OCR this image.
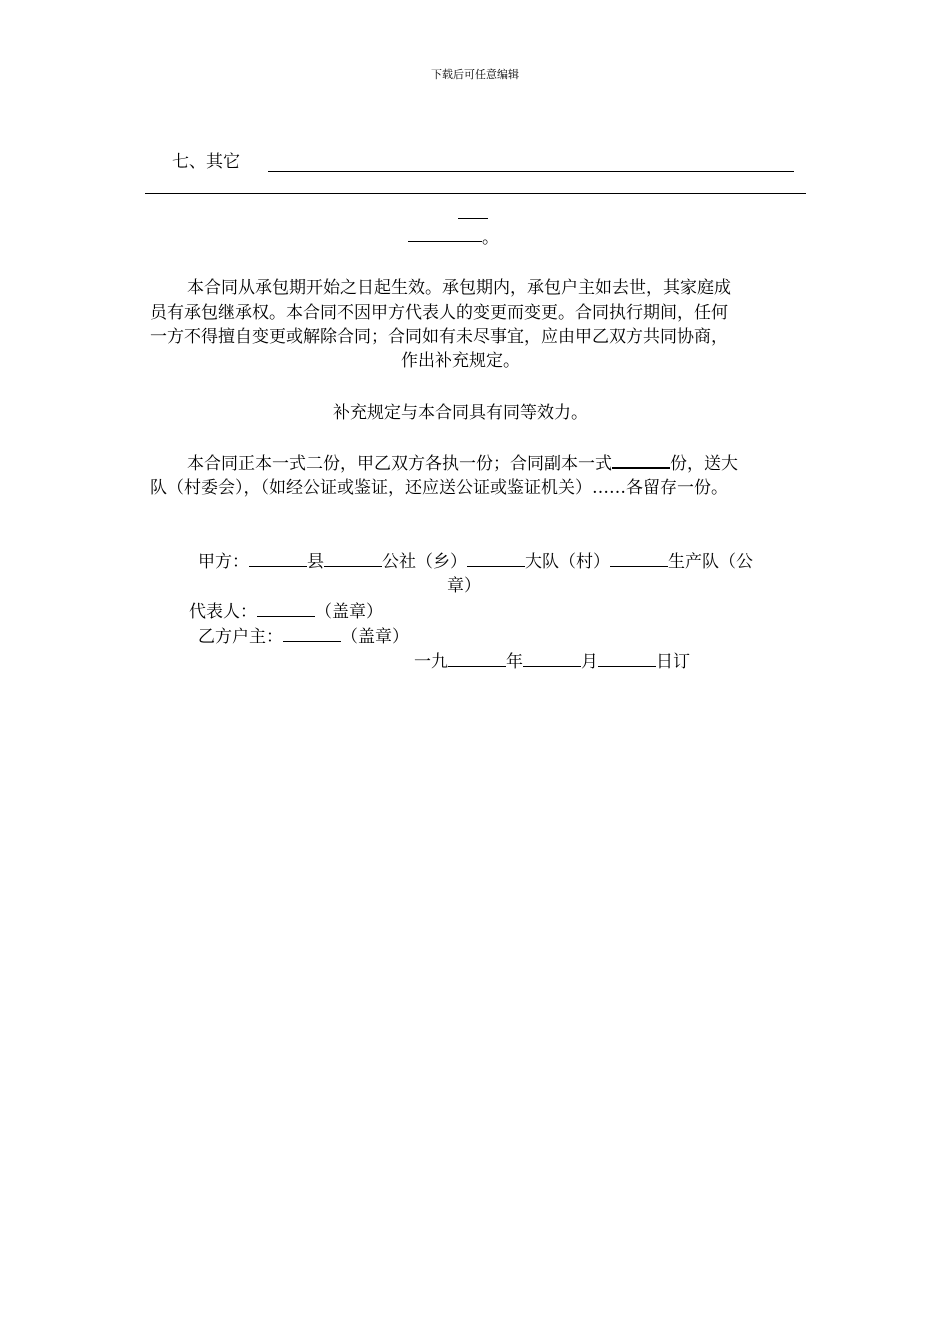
下载后可任意编辑
七、其它
。
本合同从承包期开始之日起生效。承包期内，承包户主如去世，其家庭成
员有承包继承权。本合同不因甲方代表人的变更而变更。合同执行期间，任何
一方不得擅自变更或解除合同；合同如有未尽事宜，应由甲乙双方共同协商，
作出补充规定。
补充规定与本合同具有同等效力。
本合同正本一式二份，甲乙双方各执一份；合同副本一式	份，送大
队（村委会），（如经公证或鉴证，还应送公证或鉴证机关）……各留存一份。
甲方：	县	公社（乡）	大队（村）	生产队（公
章）
代表人：	（盖章）
乙方户主：	（盖章）
一九	年	月	日订
